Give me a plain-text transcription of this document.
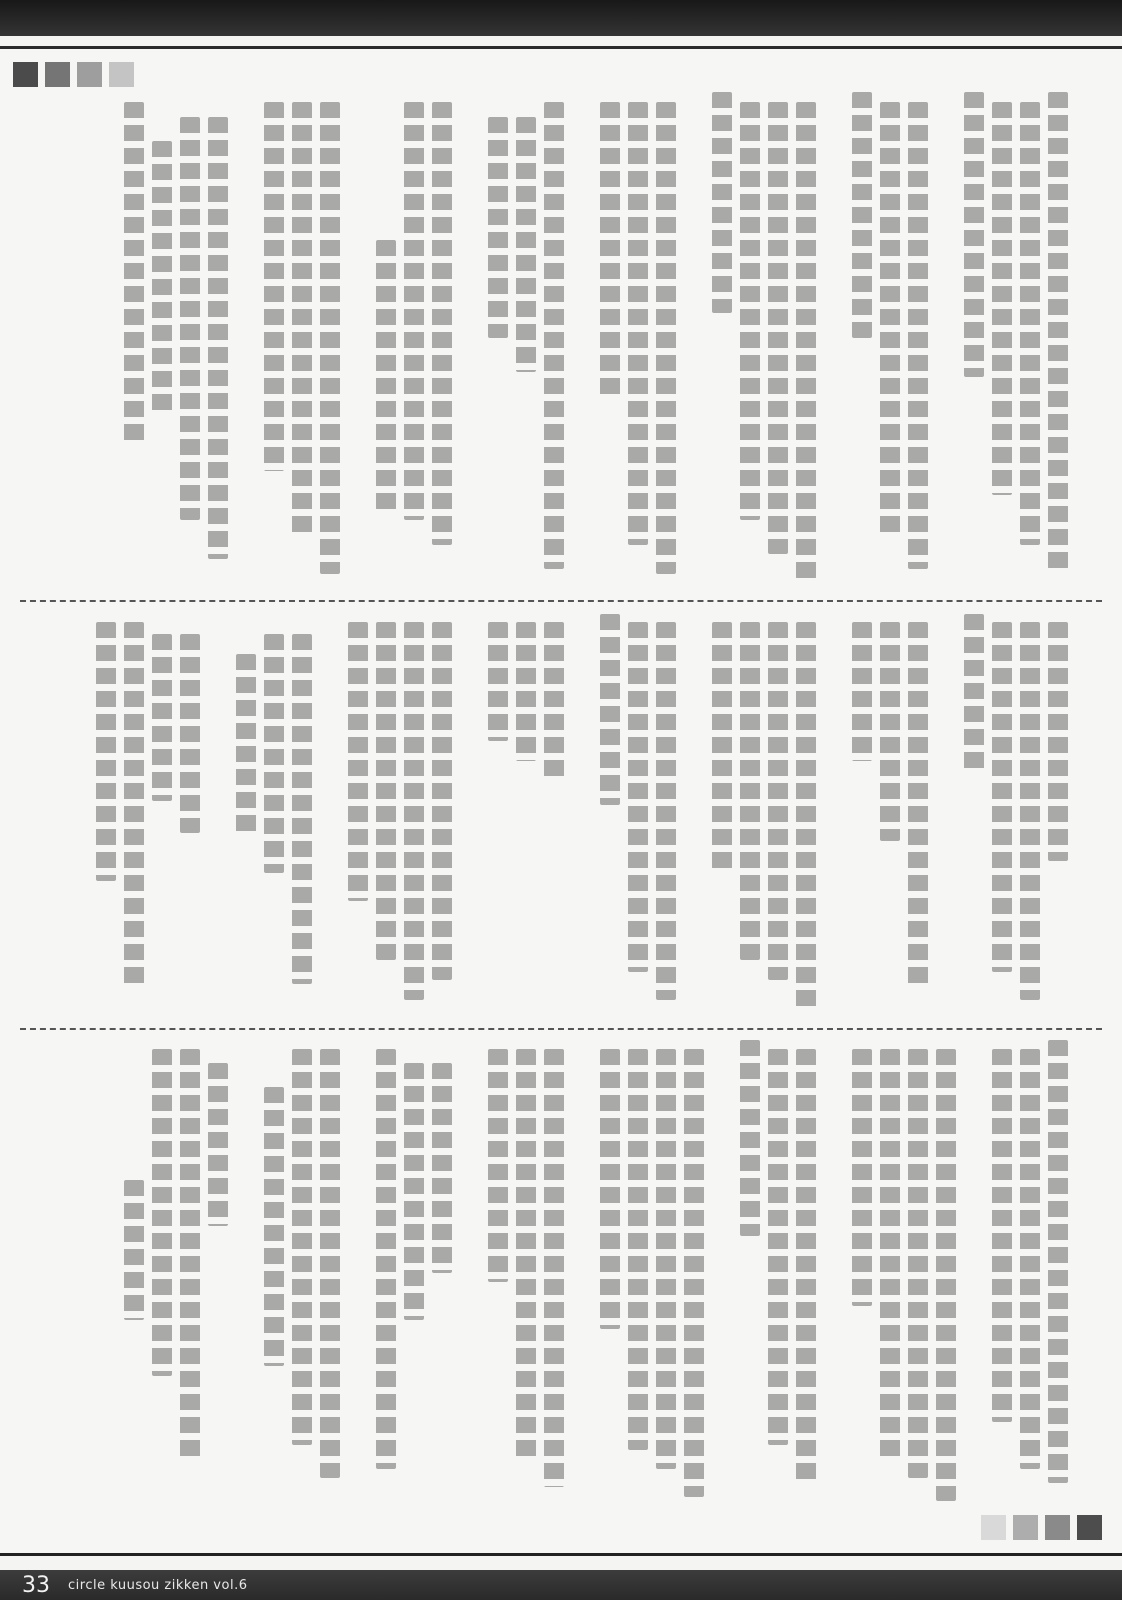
33 circle kuusou zikken vol.6
